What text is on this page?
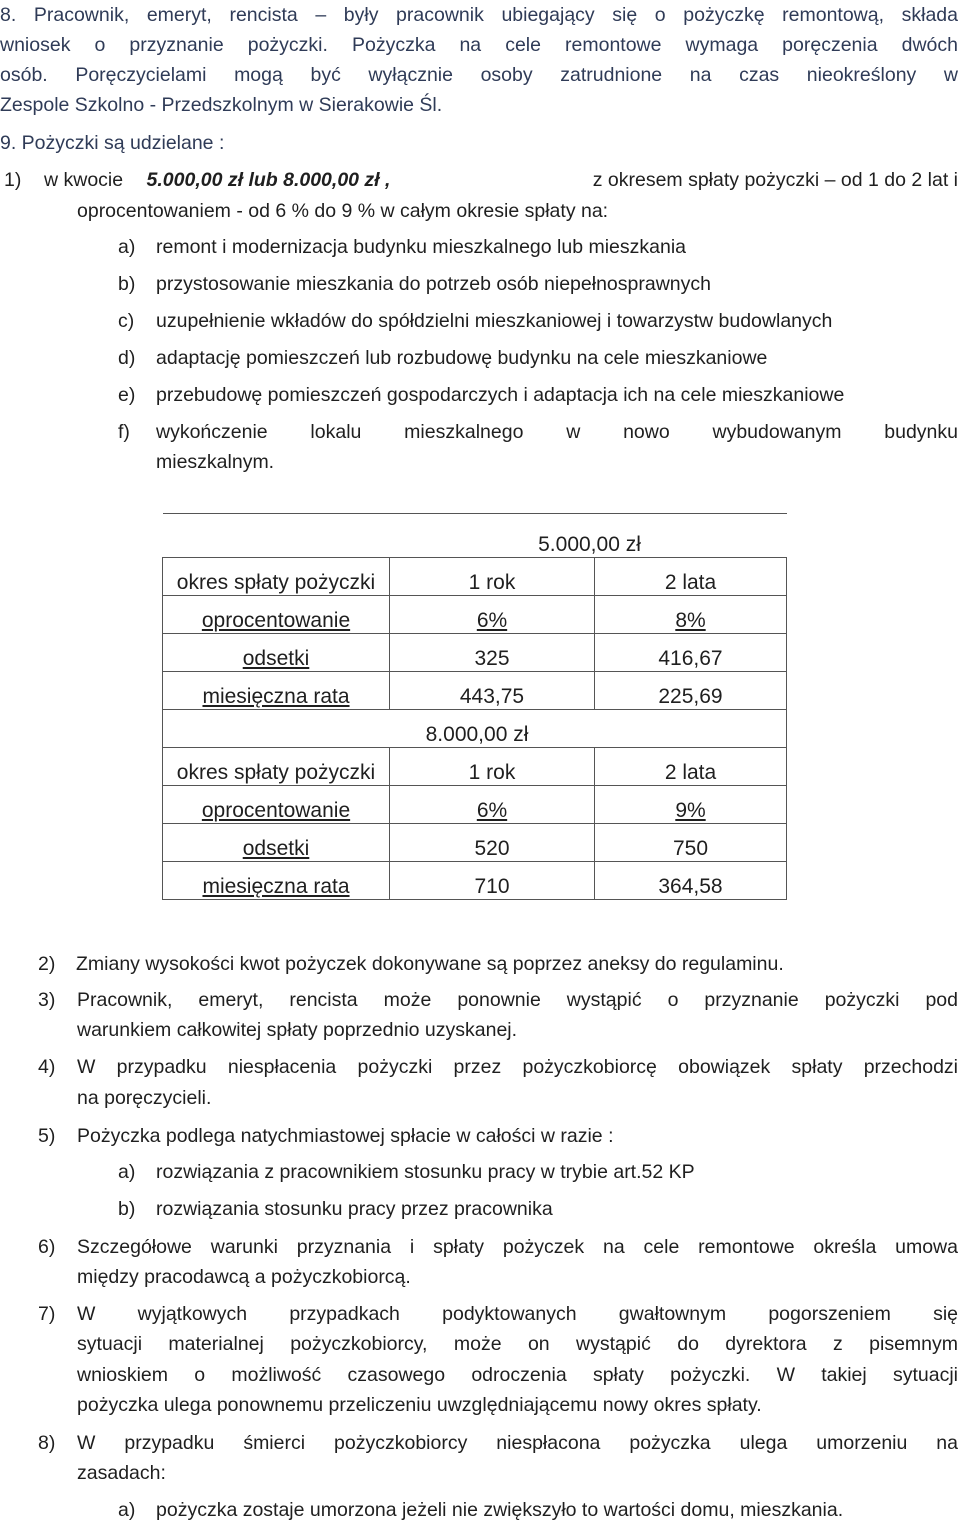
8. Pracownik, emeryt, rencista – były pracownik ubiegający się o pożyczkę remontową, składa
wniosek o przyznanie pożyczki. Pożyczka na cele remontowe wymaga poręczenia dwóch
osób. Poręczycielami mogą być wyłącznie osoby zatrudnione na czas nieokreślony w
Zespole Szkolno - Przedszkolnym w Sierakowie Śl.
9. Pożyczki są udzielane :
1) w kwocie 5.000,00 zł lub 8.000,00 zł ,	z okresem spłaty pożyczki – od 1 do 2 lat i
oprocentowaniem - od 6 % do 9 % w całym okresie spłaty na:
a) remont i modernizacja budynku mieszkalnego lub mieszkania
b) przystosowanie mieszkania do potrzeb osób niepełnosprawnych
c) uzupełnienie wkładów do spółdzielni mieszkaniowej i towarzystw budowlanych
d) adaptację pomieszczeń lub rozbudowę budynku na cele mieszkaniowe
e) przebudowę pomieszczeń gospodarczych i adaptacja ich na cele mieszkaniowe
f) wykończenie lokalu mieszkalnego w nowo wybudowanym budynku
mieszkalnym.
5.000,00 zł		
okres spłaty pożyczki	1 rok	2 lata
oprocentowanie	6%	8%
odsetki	325	416,67
miesięczna rata	443,75	225,69
8.000,00 zł		
okres spłaty pożyczki	1 rok	2 lata
oprocentowanie	6%	9%
odsetki	520	750
miesięczna rata	710	364,58
2) Zmiany wysokości kwot pożyczek dokonywane są poprzez aneksy do regulaminu.
3) Pracownik, emeryt, rencista może ponownie wystąpić o przyznanie pożyczki pod
warunkiem całkowitej spłaty poprzednio uzyskanej.
4) W przypadku niespłacenia pożyczki przez pożyczkobiorcę obowiązek spłaty przechodzi
na poręczycieli.
5) Pożyczka podlega natychmiastowej spłacie w całości w razie :
a) rozwiązania z pracownikiem stosunku pracy w trybie art.52 KP
b) rozwiązania stosunku pracy przez pracownika
6) Szczegółowe warunki przyznania i spłaty pożyczek na cele remontowe określa umowa
między pracodawcą a pożyczkobiorcą.
7) W wyjątkowych przypadkach podyktowanych gwałtownym pogorszeniem się
sytuacji materialnej pożyczkobiorcy, może on wystąpić do dyrektora z pisemnym
wnioskiem o możliwość czasowego odroczenia spłaty pożyczki. W takiej sytuacji
pożyczka ulega ponownemu przeliczeniu uwzględniającemu nowy okres spłaty.
8) W przypadku śmierci pożyczkobiorcy niespłacona pożyczka ulega umorzeniu na
zasadach:
a) pożyczka zostaje umorzona jeżeli nie zwiększyło to wartości domu, mieszkania.
